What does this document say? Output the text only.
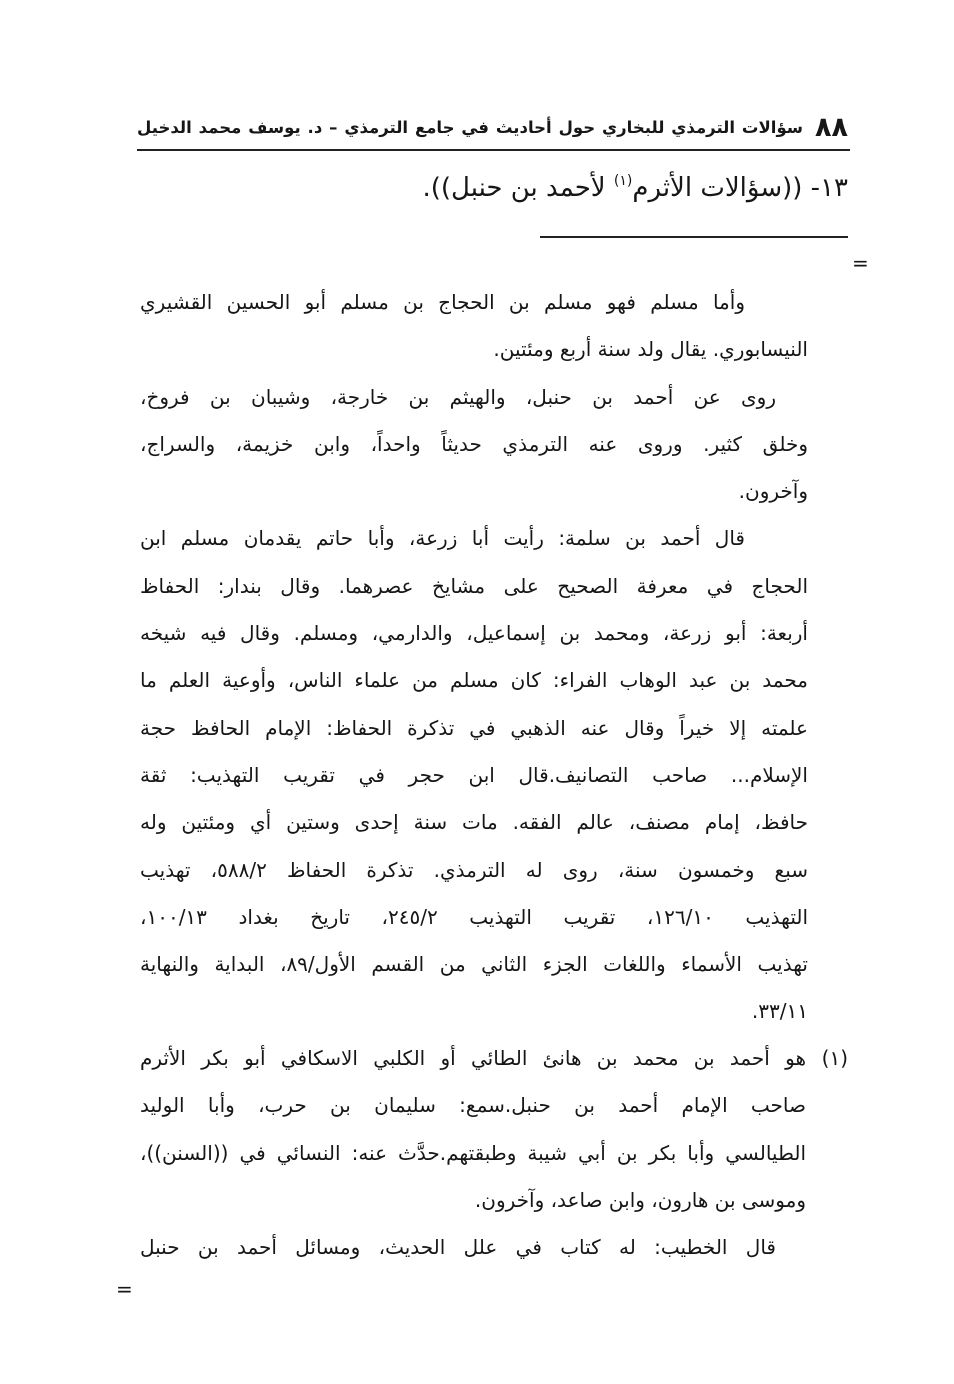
٨٨
سؤالات الترمذي للبخاري حول أحاديث في جامع الترمذي – د. يوسف محمد الدخيل
١٣- ((سؤالات الأثرم$^{(١)}$ لأحمد بن حنبل)).
=
وأما مسلم فهو مسلم بن الحجاج بن مسلم أبو الحسين القشيري
النيسابوري. يقال ولد سنة أربع ومئتين.
روى عن أحمد بن حنبل، والهيثم بن خارجة، وشيبان بن فروخ،
وخلق كثير. وروى عنه الترمذي حديثاً واحداً، وابن خزيمة، والسراج،
وآخرون.
قال أحمد بن سلمة: رأيت أبا زرعة، وأبا حاتم يقدمان مسلم ابن
الحجاج في معرفة الصحيح على مشايخ عصرهما. وقال بندار: الحفاظ
أربعة: أبو زرعة، ومحمد بن إسماعيل، والدارمي، ومسلم. وقال فيه شيخه
محمد بن عبد الوهاب الفراء: كان مسلم من علماء الناس، وأوعية العلم ما
علمته إلا خيراً وقال عنه الذهبي في تذكرة الحفاظ: الإمام الحافظ حجة
الإسلام... صاحب التصانيف.قال ابن حجر في تقريب التهذيب: ثقة
حافظ، إمام مصنف، عالم الفقه. مات سنة إحدى وستين أي ومئتين وله
سبع وخمسون سنة، روى له الترمذي. تذكرة الحفاظ ٥٨٨/٢، تهذيب
التهذيب ١٢٦/١٠، تقريب التهذيب ٢٤٥/٢، تاريخ بغداد ١٠٠/١٣،
تهذيب الأسماء واللغات الجزء الثاني من القسم الأول/٨٩، البداية والنهاية
٣٣/١١.
(١)
هو أحمد بن محمد بن هانئ الطائي أو الكلبي الاسكافي أبو بكر الأثرم
صاحب الإمام أحمد بن حنبل.سمع: سليمان بن حرب، وأبا الوليد
الطيالسي وأبا بكر بن أبي شيبة وطبقتهم.حدَّث عنه: النسائي في ((السنن))،
وموسى بن هارون، وابن صاعد، وآخرون.
قال الخطيب: له كتاب في علل الحديث، ومسائل أحمد بن حنبل
=
